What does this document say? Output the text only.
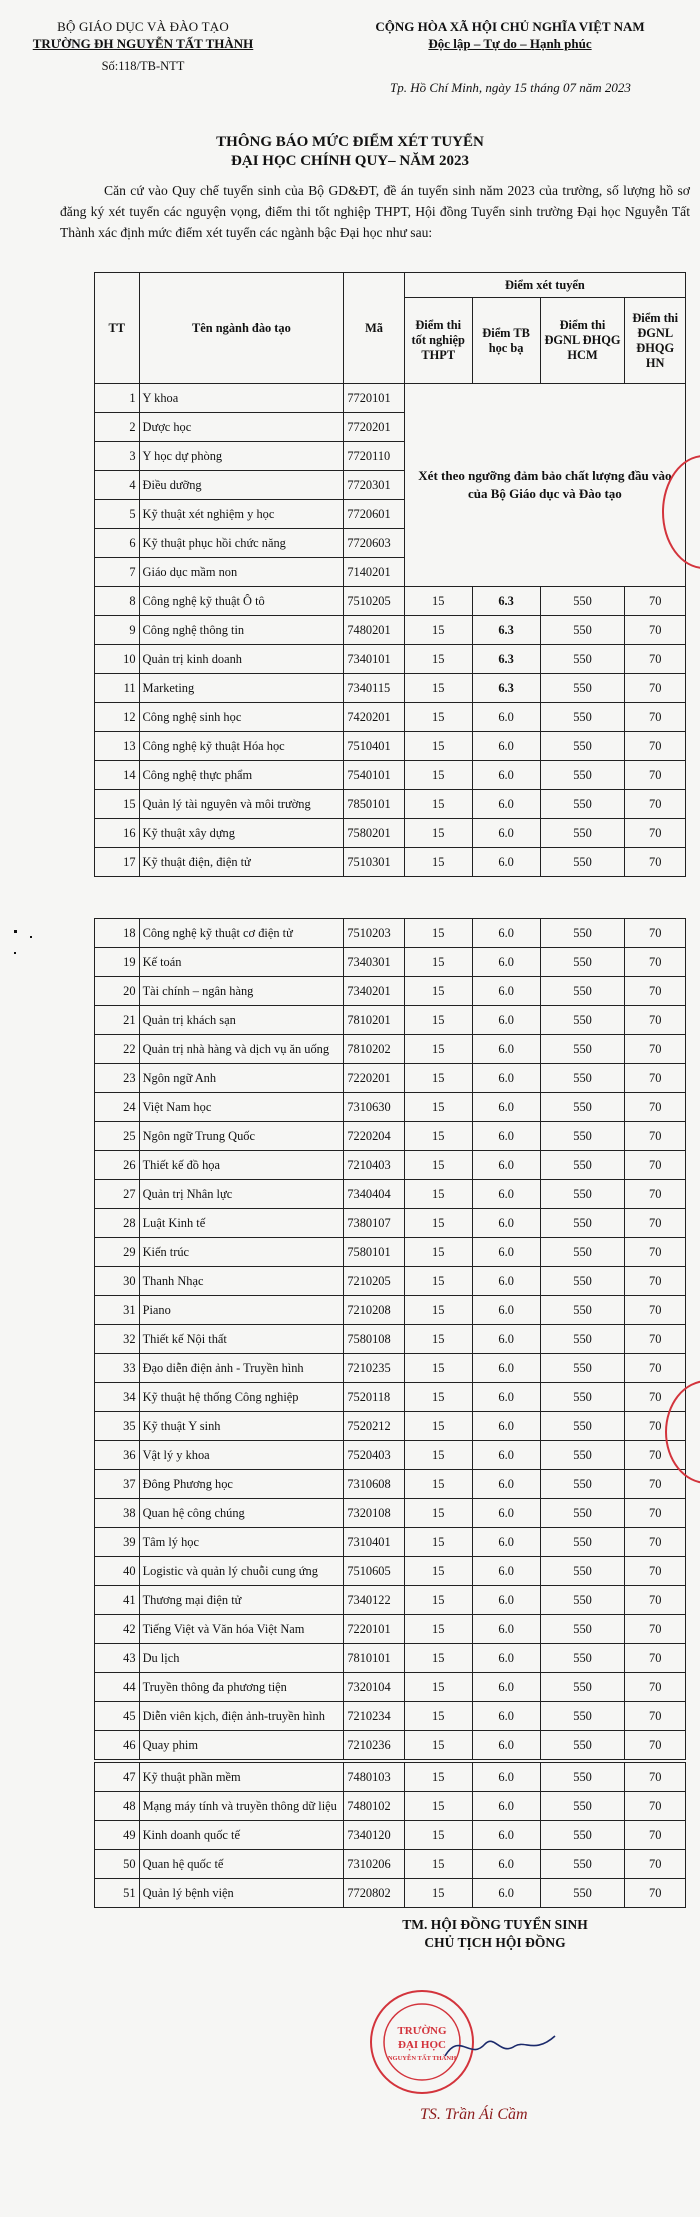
BỘ GIÁO DỤC VÀ ĐÀO TẠO
TRƯỜNG ĐH NGUYỄN TẤT THÀNH
Số:118/TB-NTT
CỘNG HÒA XÃ HỘI CHỦ NGHĨA VIỆT NAM
Độc lập – Tự do – Hạnh phúc
Tp. Hồ Chí Minh, ngày 15 tháng 07 năm 2023
THÔNG BÁO MỨC ĐIỂM XÉT TUYỂN
ĐẠI HỌC CHÍNH QUY– NĂM 2023
Căn cứ vào Quy chế tuyển sinh của Bộ GD&ĐT, đề án tuyển sinh năm 2023 của trường, số lượng hồ sơ đăng ký xét tuyển các nguyện vọng, điểm thi tốt nghiệp THPT, Hội đồng Tuyển sinh trường Đại học Nguyễn Tất Thành xác định mức điểm xét tuyển các ngành bậc Đại học như sau:
TT	Tên ngành đào tạo	Mã	Điểm xét tuyển			
			Điểm thi tốt nghiệp THPT	Điểm TB học bạ	Điểm thi ĐGNL ĐHQG HCM	Điểm thi ĐGNL ĐHQG HN
1	Y khoa	7720101	Xét theo ngưỡng đảm bảo chất lượng đầu vào của Bộ Giáo dục và Đào tạo			
2	Dược học	7720201				
3	Y học dự phòng	7720110				
4	Điều dưỡng	7720301				
5	Kỹ thuật xét nghiệm y học	7720601				
6	Kỹ thuật phục hồi chức năng	7720603				
7	Giáo dục mầm non	7140201				
8	Công nghệ kỹ thuật Ô tô	7510205	15	6.3	550	70
9	Công nghệ thông tin	7480201	15	6.3	550	70
10	Quản trị kinh doanh	7340101	15	6.3	550	70
11	Marketing	7340115	15	6.3	550	70
12	Công nghệ sinh học	7420201	15	6.0	550	70
13	Công nghệ kỹ thuật Hóa học	7510401	15	6.0	550	70
14	Công nghệ thực phẩm	7540101	15	6.0	550	70
15	Quản lý tài nguyên và môi trường	7850101	15	6.0	550	70
16	Kỹ thuật xây dựng	7580201	15	6.0	550	70
17	Kỹ thuật điện, điện tử	7510301	15	6.0	550	70
18	Công nghệ kỹ thuật cơ điện tử	7510203	15	6.0	550	70
19	Kế toán	7340301	15	6.0	550	70
20	Tài chính – ngân hàng	7340201	15	6.0	550	70
21	Quản trị khách sạn	7810201	15	6.0	550	70
22	Quản trị nhà hàng và dịch vụ ăn uống	7810202	15	6.0	550	70
23	Ngôn ngữ Anh	7220201	15	6.0	550	70
24	Việt Nam học	7310630	15	6.0	550	70
25	Ngôn ngữ Trung Quốc	7220204	15	6.0	550	70
26	Thiết kế đồ họa	7210403	15	6.0	550	70
27	Quản trị Nhân lực	7340404	15	6.0	550	70
28	Luật Kinh tế	7380107	15	6.0	550	70
29	Kiến trúc	7580101	15	6.0	550	70
30	Thanh Nhạc	7210205	15	6.0	550	70
31	Piano	7210208	15	6.0	550	70
32	Thiết kế Nội thất	7580108	15	6.0	550	70
33	Đạo diễn điện ảnh - Truyền hình	7210235	15	6.0	550	70
34	Kỹ thuật hệ thống Công nghiệp	7520118	15	6.0	550	70
35	Kỹ thuật Y sinh	7520212	15	6.0	550	70
36	Vật lý y khoa	7520403	15	6.0	550	70
37	Đông Phương học	7310608	15	6.0	550	70
38	Quan hệ công chúng	7320108	15	6.0	550	70
39	Tâm lý học	7310401	15	6.0	550	70
40	Logistic và quản lý chuỗi cung ứng	7510605	15	6.0	550	70
41	Thương mại điện tử	7340122	15	6.0	550	70
42	Tiếng Việt và Văn hóa Việt Nam	7220101	15	6.0	550	70
43	Du lịch	7810101	15	6.0	550	70
44	Truyền thông đa phương tiện	7320104	15	6.0	550	70
45	Diễn viên kịch, điện ảnh-truyền hình	7210234	15	6.0	550	70
46	Quay phim	7210236	15	6.0	550	70
47	Kỹ thuật phần mềm	7480103	15	6.0	550	70
48	Mạng máy tính và truyền thông dữ liệu	7480102	15	6.0	550	70
49	Kinh doanh quốc tế	7340120	15	6.0	550	70
50	Quan hệ quốc tế	7310206	15	6.0	550	70
51	Quản lý bệnh viện	7720802	15	6.0	550	70
TM. HỘI ĐỒNG TUYỂN SINH
CHỦ TỊCH HỘI ĐỒNG
TRƯỜNG
ĐẠI HỌC
NGUYỄN TẤT THÀNH
TS. Trần Ái Cầm
